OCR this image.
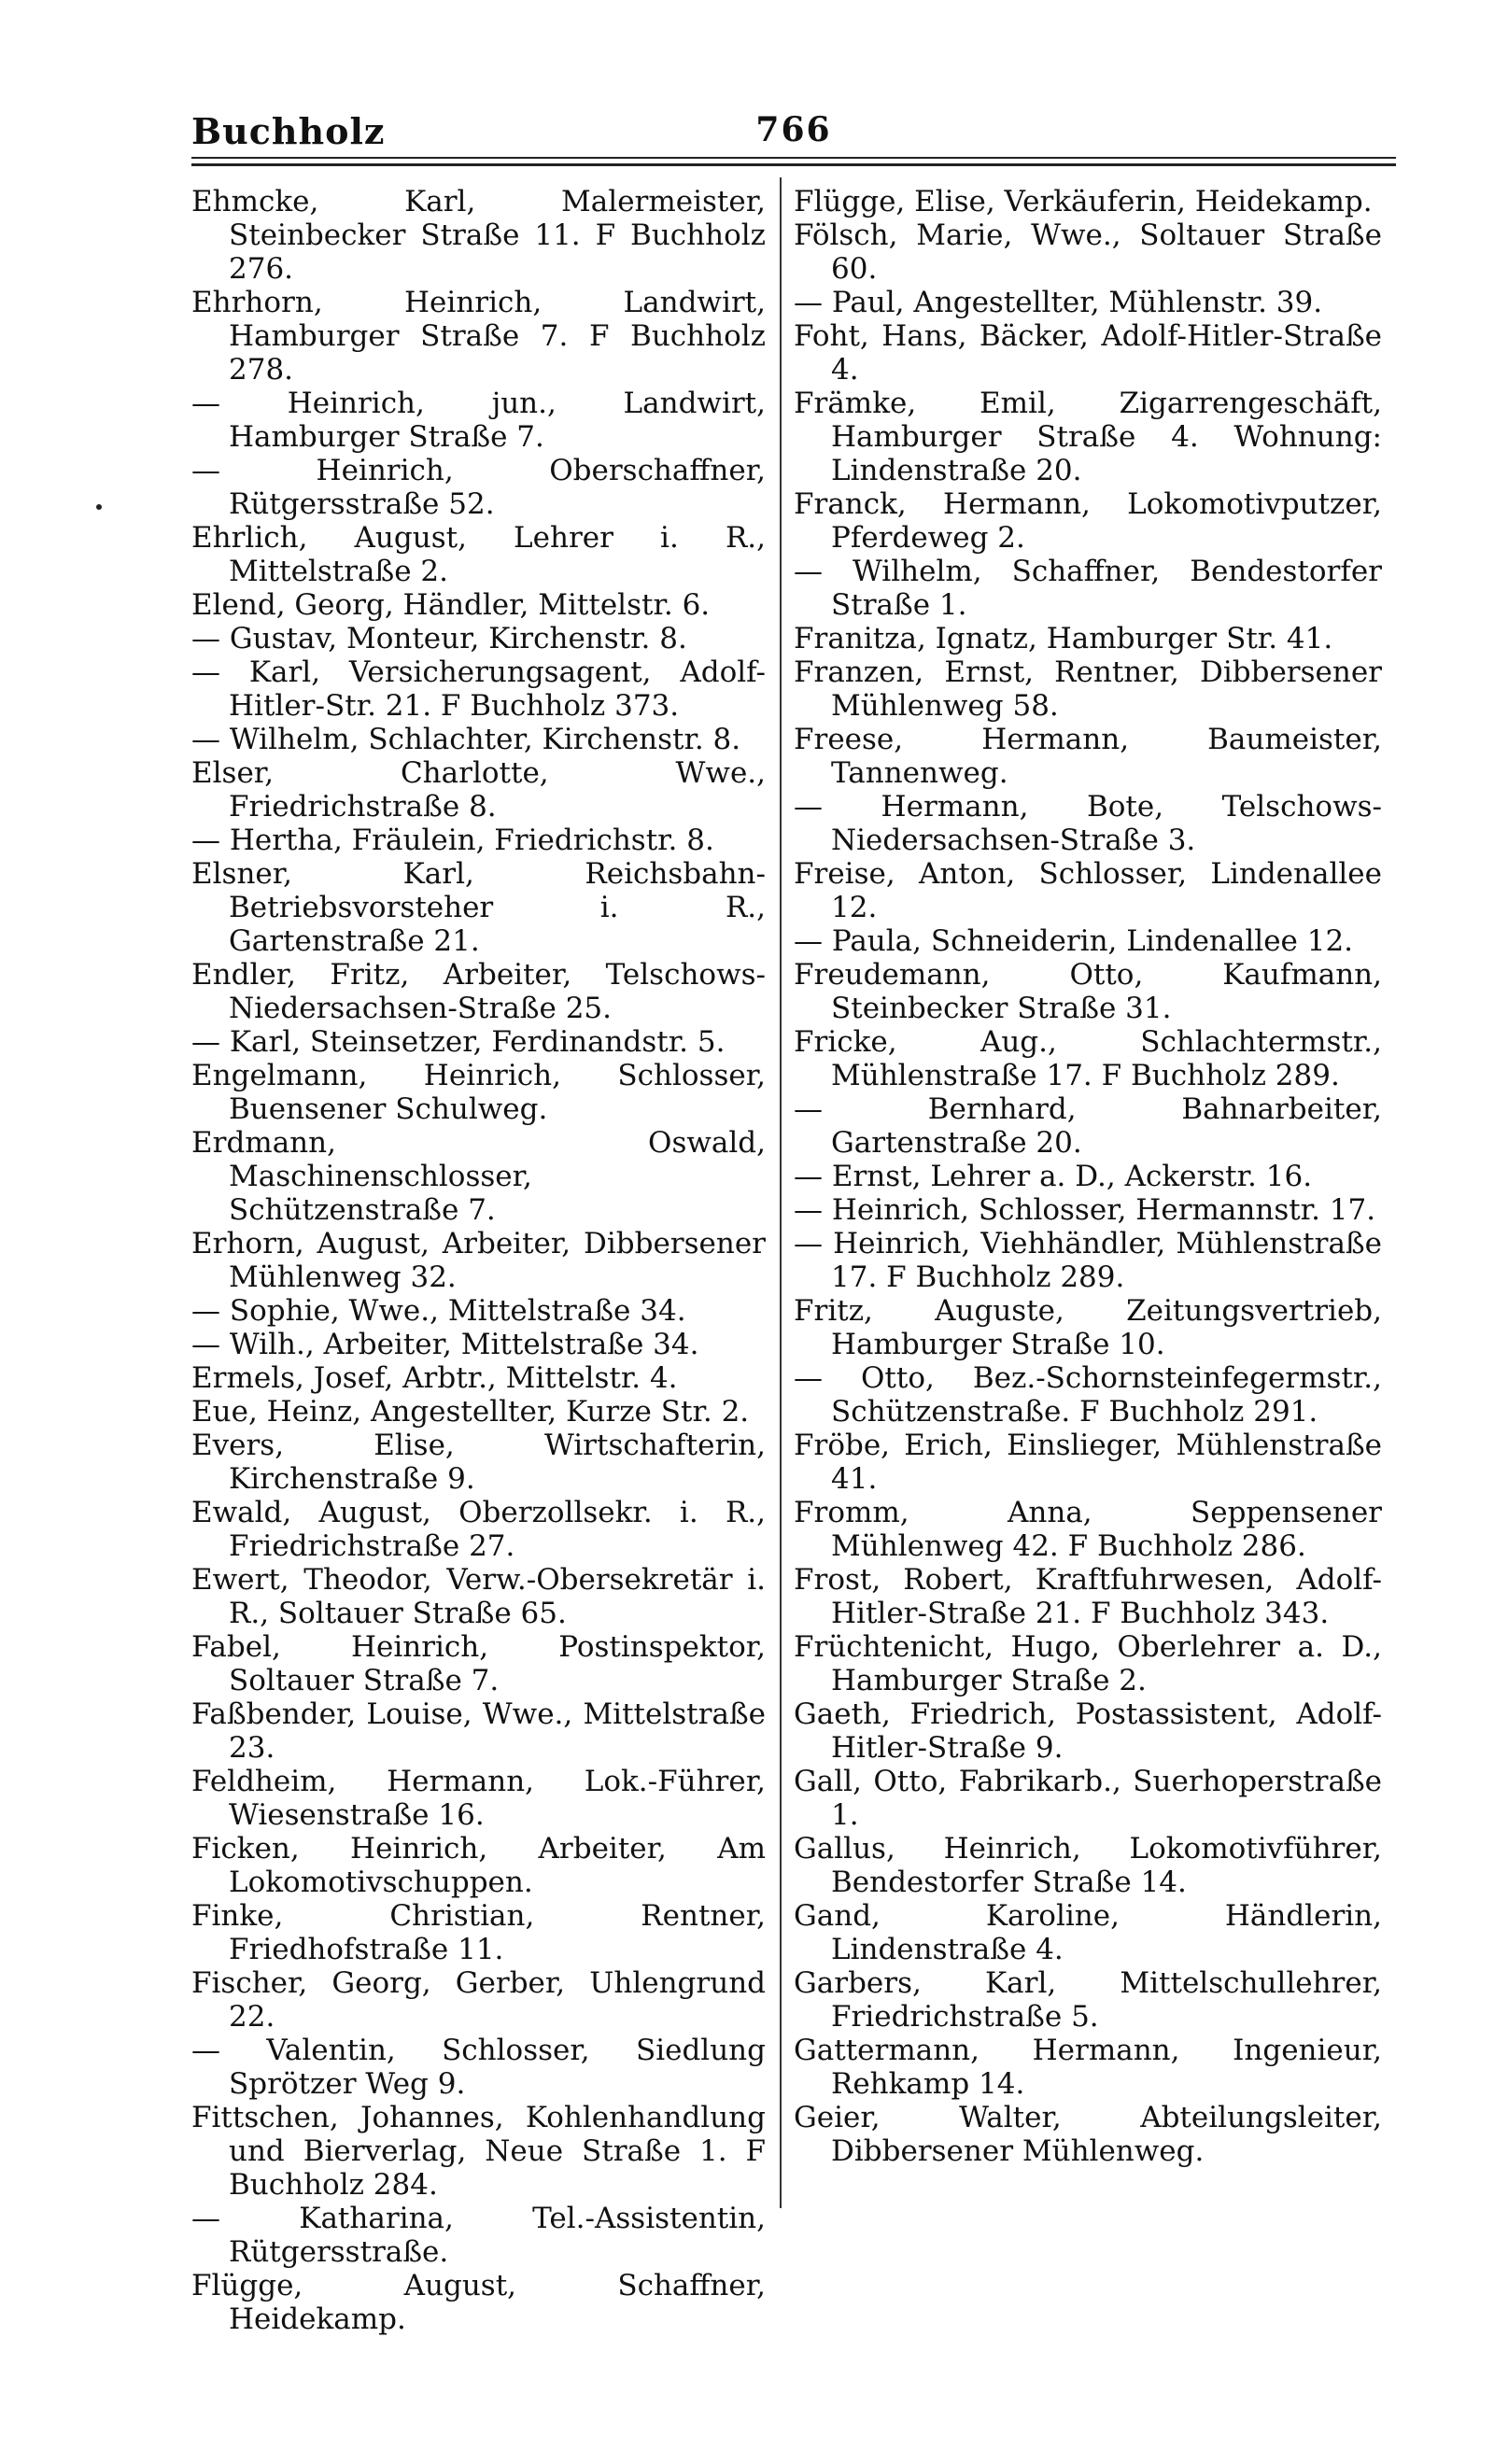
Buchholz	766

Ehmcke, Karl, Malermeister, Steinbecker Straße 11. F Buchholz 276.

Ehrhorn, Heinrich, Landwirt, Hamburger Straße 7. F Buchholz 278.

— Heinrich, jun., Landwirt, Hamburger Straße 7.

— Heinrich, Oberschaffner, Rütgersstraße 52.

Ehrlich, August, Lehrer i. R., Mittelstraße 2.

Elend, Georg, Händler, Mittelstr. 6.

— Gustav, Monteur, Kirchenstr. 8.

— Karl, Versicherungsagent, Adolf-Hitler-Str. 21. F Buchholz 373.

— Wilhelm, Schlachter, Kirchenstr. 8.

Elser, Charlotte, Wwe., Friedrichstraße 8.

— Hertha, Fräulein, Friedrichstr. 8.

Elsner, Karl, Reichsbahn-Betriebsvorsteher i. R., Gartenstraße 21.

Endler, Fritz, Arbeiter, Telschows-Niedersachsen-Straße 25.

— Karl, Steinsetzer, Ferdinandstr. 5.

Engelmann, Heinrich, Schlosser, Buensener Schulweg.

Erdmann, Oswald, Maschinenschlosser, Schützenstraße 7.

Erhorn, August, Arbeiter, Dibbersener Mühlenweg 32.

— Sophie, Wwe., Mittelstraße 34.

— Wilh., Arbeiter, Mittelstraße 34.

Ermels, Josef, Arbtr., Mittelstr. 4.

Eue, Heinz, Angestellter, Kurze Str. 2.

Evers, Elise, Wirtschafterin, Kirchenstraße 9.

Ewald, August, Oberzollsekr. i. R., Friedrichstraße 27.

Ewert, Theodor, Verw.-Obersekretär i. R., Soltauer Straße 65.

Fabel, Heinrich, Postinspektor, Soltauer Straße 7.

Faßbender, Louise, Wwe., Mittelstraße 23.

Feldheim, Hermann, Lok.-Führer, Wiesenstraße 16.

Ficken, Heinrich, Arbeiter, Am Lokomotivschuppen.

Finke, Christian, Rentner, Friedhofstraße 11.

Fischer, Georg, Gerber, Uhlengrund 22.

— Valentin, Schlosser, Siedlung Sprötzer Weg 9.

Fittschen, Johannes, Kohlenhandlung und Bierverlag, Neue Straße 1. F Buchholz 284.

— Katharina, Tel.-Assistentin, Rütgersstraße.

Flügge, August, Schaffner, Heidekamp.

Flügge, Elise, Verkäuferin, Heidekamp.

Fölsch, Marie, Wwe., Soltauer Straße 60.

— Paul, Angestellter, Mühlenstr. 39.

Foht, Hans, Bäcker, Adolf-Hitler-Straße 4.

Främke, Emil, Zigarrengeschäft, Hamburger Straße 4. Wohnung: Lindenstraße 20.

Franck, Hermann, Lokomotivputzer, Pferdeweg 2.

— Wilhelm, Schaffner, Bendestorfer Straße 1.

Franitza, Ignatz, Hamburger Str. 41.

Franzen, Ernst, Rentner, Dibbersener Mühlenweg 58.

Freese, Hermann, Baumeister, Tannenweg.

— Hermann, Bote, Telschows-Niedersachsen-Straße 3.

Freise, Anton, Schlosser, Lindenallee 12.

— Paula, Schneiderin, Lindenallee 12.

Freudemann, Otto, Kaufmann, Steinbecker Straße 31.

Fricke, Aug., Schlachtermstr., Mühlenstraße 17. F Buchholz 289.

— Bernhard, Bahnarbeiter, Gartenstraße 20.

— Ernst, Lehrer a. D., Ackerstr. 16.

— Heinrich, Schlosser, Hermannstr. 17.

— Heinrich, Viehhändler, Mühlenstraße 17. F Buchholz 289.

Fritz, Auguste, Zeitungsvertrieb, Hamburger Straße 10.

— Otto, Bez.-Schornsteinfegermstr., Schützenstraße. F Buchholz 291.

Fröbe, Erich, Einslieger, Mühlenstraße 41.

Fromm, Anna, Seppensener Mühlenweg 42. F Buchholz 286.

Frost, Robert, Kraftfuhrwesen, Adolf-Hitler-Straße 21. F Buchholz 343.

Früchtenicht, Hugo, Oberlehrer a. D., Hamburger Straße 2.

Gaeth, Friedrich, Postassistent, Adolf-Hitler-Straße 9.

Gall, Otto, Fabrikarb., Suerhoperstraße 1.

Gallus, Heinrich, Lokomotivführer, Bendestorfer Straße 14.

Gand, Karoline, Händlerin, Lindenstraße 4.

Garbers, Karl, Mittelschullehrer, Friedrichstraße 5.

Gattermann, Hermann, Ingenieur, Rehkamp 14.

Geier, Walter, Abteilungsleiter, Dibbersener Mühlenweg.
